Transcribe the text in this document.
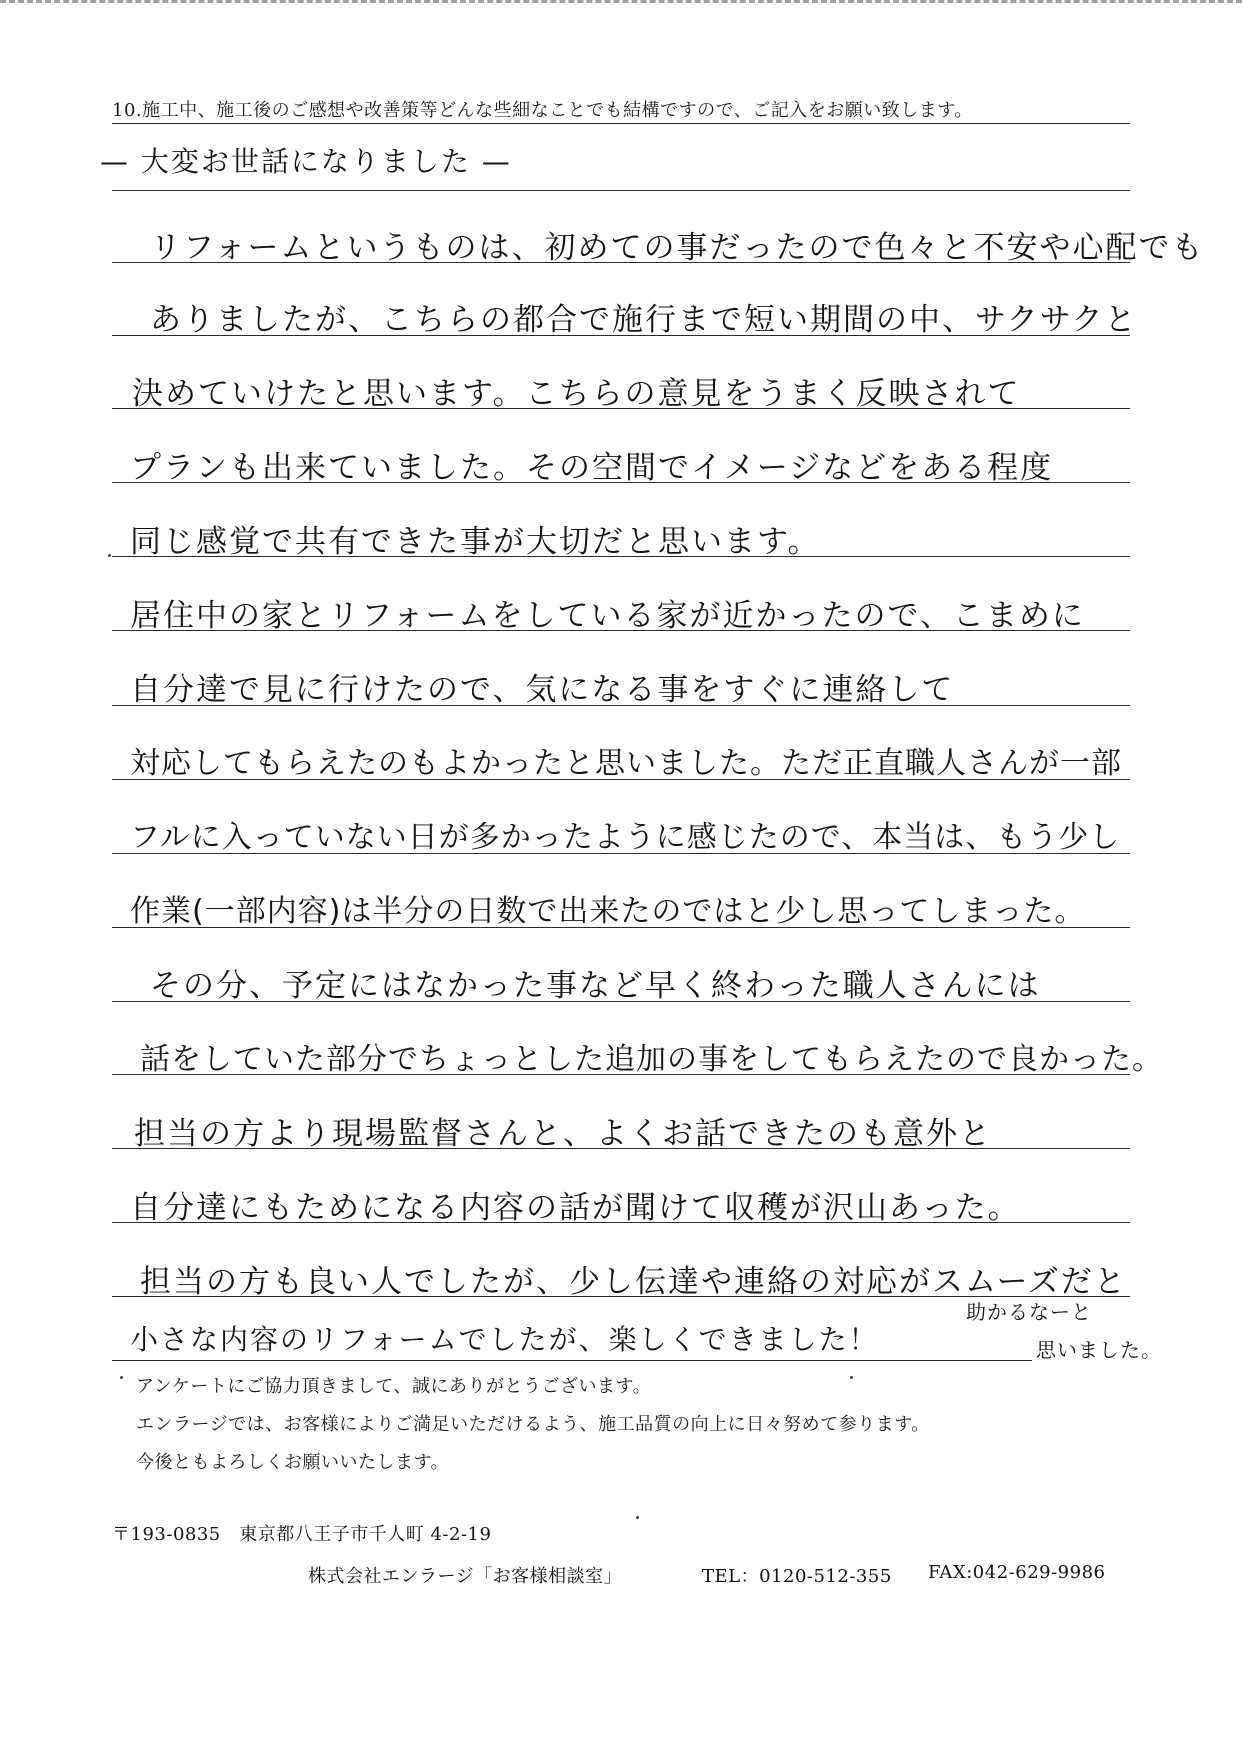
10.施工中、施工後のご感想や改善策等どんな些細なことでも結構ですので、ご記入をお願い致します。
— 大変お世話になりました —
リフォームというものは、初めての事だったので色々と不安や心配でも
ありましたが、こちらの都合で施行まで短い期間の中、サクサクと
決めていけたと思います。こちらの意見をうまく反映されて
プランも出来ていました。その空間でイメージなどをある程度
同じ感覚で共有できた事が大切だと思います。
居住中の家とリフォームをしている家が近かったので、こまめに
自分達で見に行けたので、気になる事をすぐに連絡して
対応してもらえたのもよかったと思いました。ただ正直職人さんが一部
フルに入っていない日が多かったように感じたので、本当は、もう少し
作業(一部内容)は半分の日数で出来たのではと少し思ってしまった。
その分、予定にはなかった事など早く終わった職人さんには
話をしていた部分でちょっとした追加の事をしてもらえたので良かった。
担当の方より現場監督さんと、よくお話できたのも意外と
自分達にもためになる内容の話が聞けて収穫が沢山あった。
担当の方も良い人でしたが、少し伝達や連絡の対応がスムーズだと
助かるなーと
小さな内容のリフォームでしたが、楽しくできました！	思いました。
アンケートにご協力頂きまして、誠にありがとうございます。
エンラージでは、お客様によりご満足いただけるよう、施工品質の向上に日々努めて参ります。
今後ともよろしくお願いいたします。
〒193-0835　東京都八王子市千人町 4-2-19
株式会社エンラージ「お客様相談室」	TEL：0120-512-355 FAX:042-629-9986
